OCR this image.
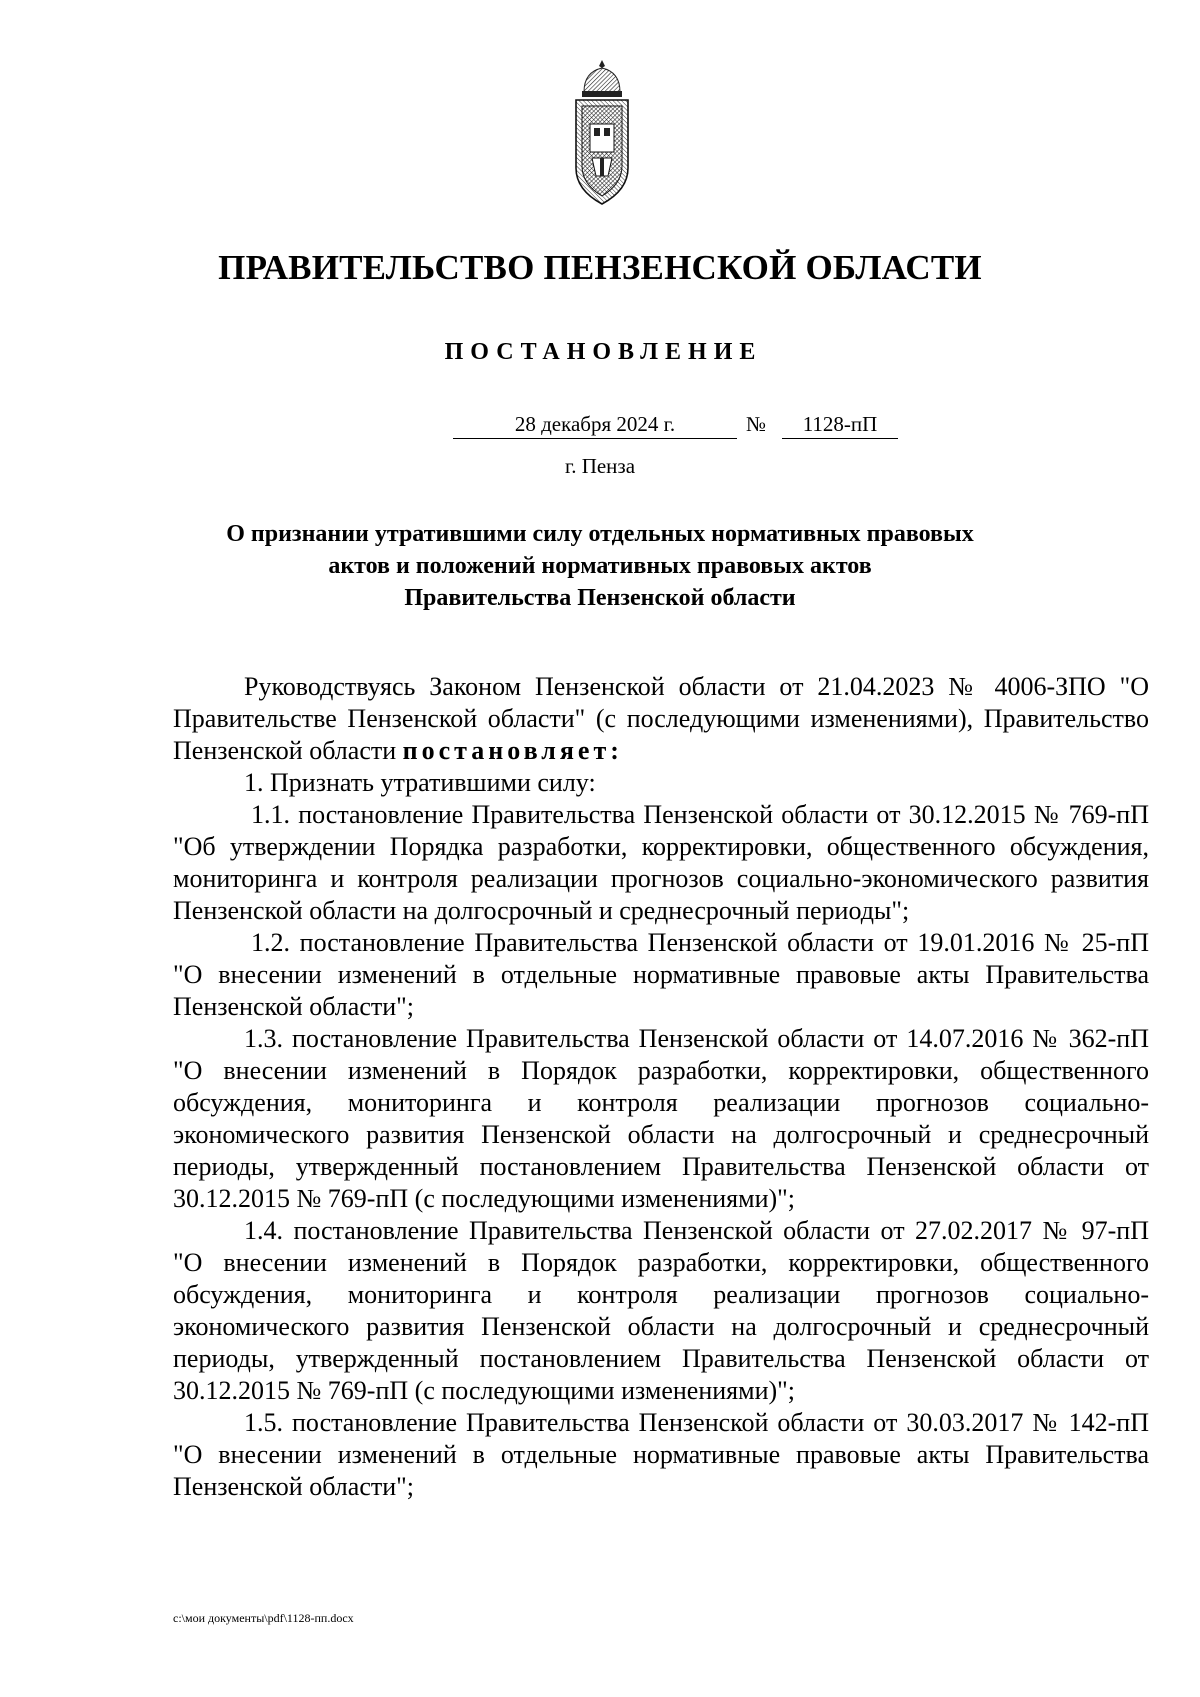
ПРАВИТЕЛЬСТВО ПЕНЗЕНСКОЙ ОБЛАСТИ
ПОСТАНОВЛЕНИЕ
28 декабря 2024 г.	№	1128-пП
г. Пенза
О признании утратившими силу отдельных нормативных правовых
актов и положений нормативных правовых актов
Правительства Пензенской области

Руководствуясь Законом Пензенской области от 21.04.2023 № 4006-ЗПО "О Правительстве Пензенской области" (с последующими изменениями), Правительство Пензенской области постановляет:

1. Признать утратившими силу:

1.1. постановление Правительства Пензенской области от 30.12.2015 № 769-пП "Об утверждении Порядка разработки, корректировки, общественного обсуждения, мониторинга и контроля реализации прогнозов социально-экономического развития Пензенской области на долгосрочный и среднесрочный периоды";

1.2. постановление Правительства Пензенской области от 19.01.2016 № 25-пП "О внесении изменений в отдельные нормативные правовые акты Правительства Пензенской области";

1.3. постановление Правительства Пензенской области от 14.07.2016 № 362-пП "О внесении изменений в Порядок разработки, корректировки, общественного обсуждения, мониторинга и контроля реализации прогнозов социально-экономического развития Пензенской области на долгосрочный и среднесрочный периоды, утвержденный постановлением Правительства Пензенской области от 30.12.2015 № 769-пП (с последующими изменениями)";

1.4. постановление Правительства Пензенской области от 27.02.2017 № 97-пП "О внесении изменений в Порядок разработки, корректировки, общественного обсуждения, мониторинга и контроля реализации прогнозов социально-экономического развития Пензенской области на долгосрочный и среднесрочный периоды, утвержденный постановлением Правительства Пензенской области от 30.12.2015 № 769-пП (с последующими изменениями)";

1.5. постановление Правительства Пензенской области от 30.03.2017 № 142-пП "О внесении изменений в отдельные нормативные правовые акты Правительства Пензенской области";

c:\мои документы\pdf\1128-пп.docx
